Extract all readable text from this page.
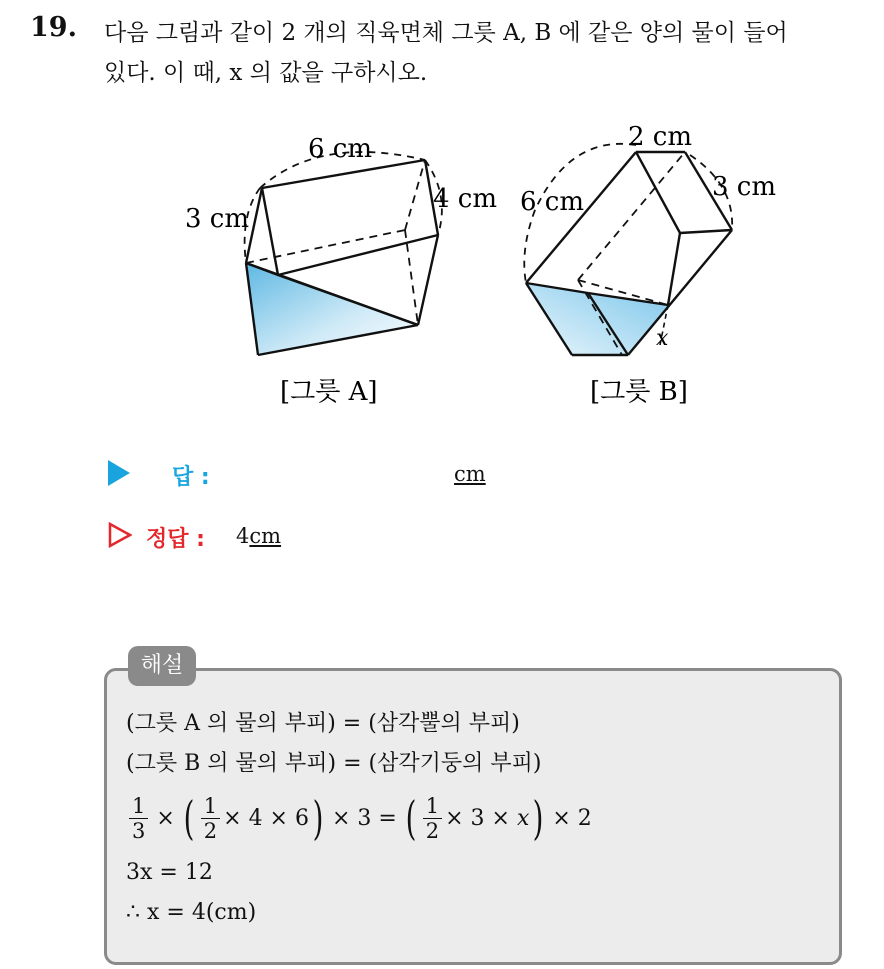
19. 다음 그림과 같이 2 개의 직육면체 그릇 A, B 에 같은 양의 물이 들어
있다. 이 때, x 의 값을 구하시오.
6 cm
4 cm
3 cm
[그릇 A]
2 cm
3 cm
6 cm
x
[그릇 B]
답 :	cm
정답 : 4cm
해설
(그릇 A 의 물의 부피) = (삼각뿔의 부피)
(그릇 B 의 물의 부피) = (삼각기둥의 부피)
$\frac{1}{3}$ × ( $\frac{1}{2} \times 4 \times 6$ ) × 3 = ( $\frac{1}{2} \times 3$ ×
x ) × 2
3x = 12
∴ x = 4(cm)
